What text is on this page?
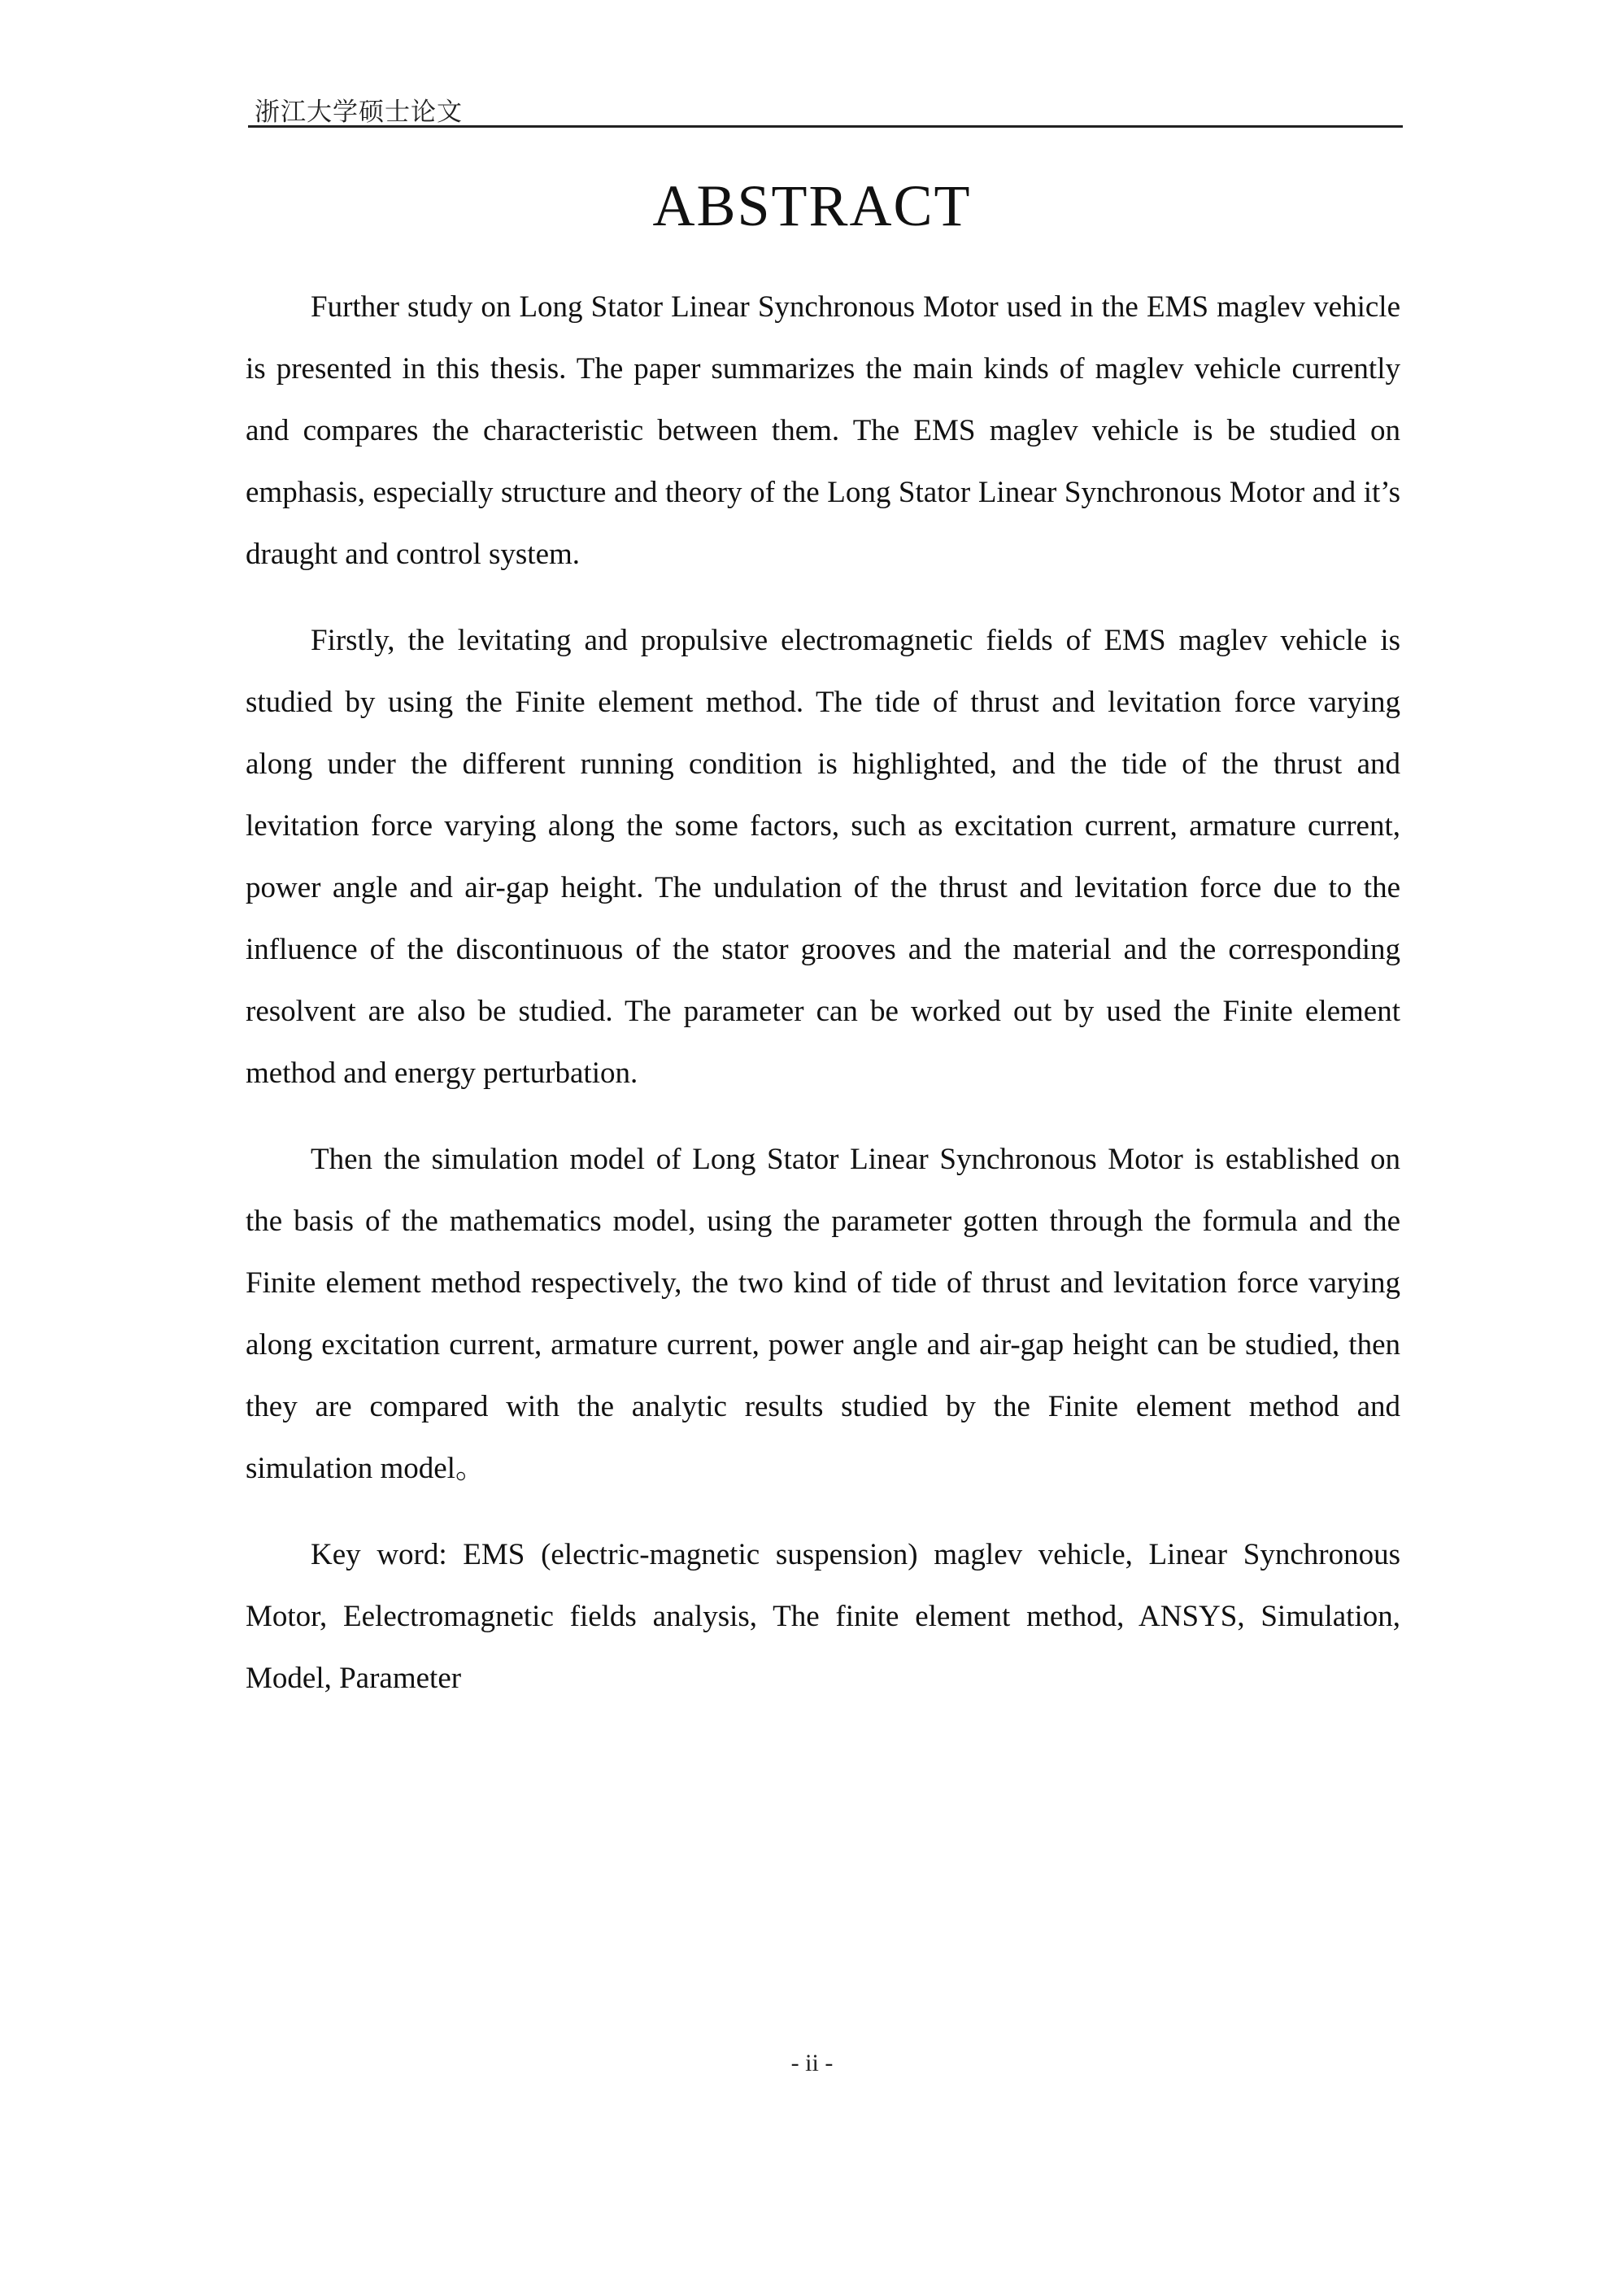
浙江大学硕士论文
ABSTRACT

Further study on Long Stator Linear Synchronous Motor used in the EMS maglev vehicle is presented in this thesis. The paper summarizes the main kinds of maglev vehicle currently and compares the characteristic between them. The EMS maglev vehicle is be studied on emphasis, especially structure and theory of the Long Stator Linear Synchronous Motor and it’s draught and control system.

Firstly, the levitating and propulsive electromagnetic fields of EMS maglev vehicle is studied by using the Finite element method. The tide of thrust and levitation force varying along under the different running condition is highlighted, and the tide of the thrust and levitation force varying along the some factors, such as excitation current, armature current, power angle and air-gap height. The undulation of the thrust and levitation force due to the influence of the discontinuous of the stator grooves and the material and the corresponding resolvent are also be studied. The parameter can be worked out by used the Finite element method and energy perturbation.

Then the simulation model of Long Stator Linear Synchronous Motor is established on the basis of the mathematics model, using the parameter gotten through the formula and the Finite element method respectively, the two kind of tide of thrust and levitation force varying along excitation current, armature current, power angle and air-gap height can be studied, then they are compared with the analytic results studied by the Finite element method and simulation model。

Key word: EMS (electric-magnetic suspension) maglev vehicle, Linear Synchronous Motor, Eelectromagnetic fields analysis, The finite element method, ANSYS, Simulation, Model, Parameter

- ii -
